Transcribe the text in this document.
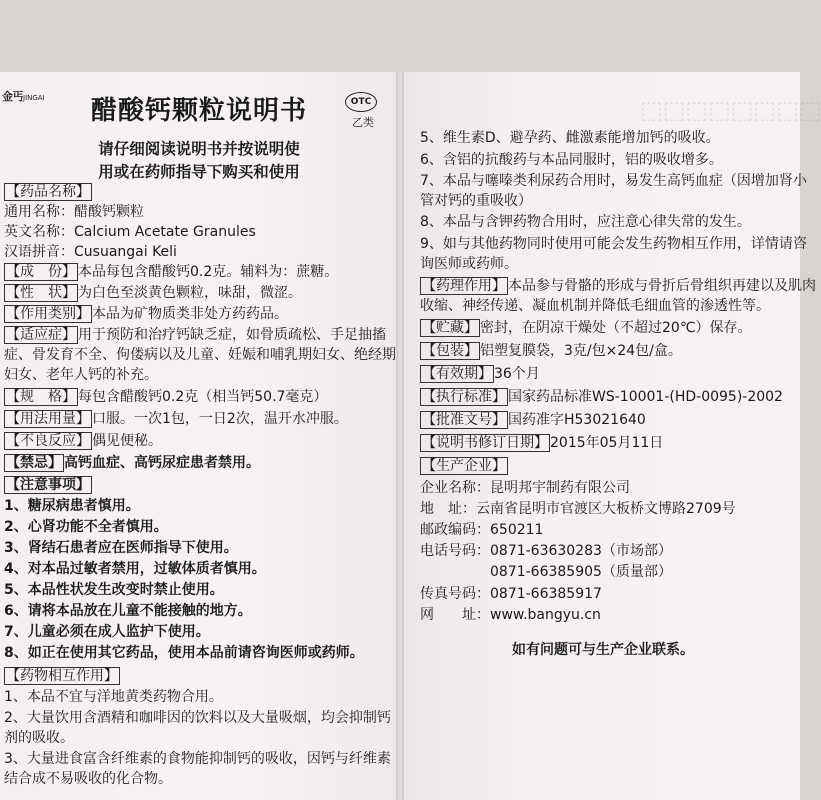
⬚⬚⬚⬚⬚⬚⬚⬚
金丐JINGAI	醋酸钙颗粒说明书	OTC
乙类
请仔细阅读说明书并按说明使
用或在药师指导下购买和使用
【药品名称】
通用名称：醋酸钙颗粒
英文名称：Calcium Acetate Granules
汉语拼音：Cusuangai Keli
【成　份】 本品每包含醋酸钙0.2克。辅料为：蔗糖。
【性　状】 为白色至淡黄色颗粒，味甜，微涩。
【作用类别】 本品为矿物质类非处方药药品。
【适应症】 用于预防和治疗钙缺乏症，如骨质疏松、手足抽搐
症、骨发育不全、佝偻病以及儿童、妊娠和哺乳期妇女、绝经期
妇女、老年人钙的补充。
【规　格】 每包含醋酸钙0.2克（相当钙50.7毫克）
【用法用量】 口服。一次1包，一日2次，温开水冲服。
【不良反应】 偶见便秘。
【禁忌】 高钙血症、高钙尿症患者禁用。
【注意事项】
1、糖尿病患者慎用。
2、心肾功能不全者慎用。
3、肾结石患者应在医师指导下使用。
4、对本品过敏者禁用，过敏体质者慎用。
5、本品性状发生改变时禁止使用。
6、请将本品放在儿童不能接触的地方。
7、儿童必须在成人监护下使用。
8、如正在使用其它药品，使用本品前请咨询医师或药师。
【药物相互作用】
1、本品不宜与洋地黄类药物合用。
2、大量饮用含酒精和咖啡因的饮料以及大量吸烟，均会抑制钙
剂的吸收。
3、大量进食富含纤维素的食物能抑制钙的吸收，因钙与纤维素
结合成不易吸收的化合物。
5、维生素D、避孕药、雌激素能增加钙的吸收。
6、含铝的抗酸药与本品同服时，铝的吸收增多。
7、本品与噻嗪类利尿药合用时，易发生高钙血症（因增加肾小
管对钙的重吸收）
8、本品与含钾药物合用时，应注意心律失常的发生。
9、如与其他药物同时使用可能会发生药物相互作用，详情请咨
询医师或药师。
【药理作用】 本品参与骨骼的形成与骨折后骨组织再建以及肌肉
收缩、神经传递、凝血机制并降低毛细血管的渗透性等。
【贮藏】 密封，在阴凉干燥处（不超过20℃）保存。
【包装】 铝塑复膜袋，3克/包×24包/盒。
【有效期】 36个月
【执行标准】 国家药品标准WS-10001-(HD-0095)-2002
【批准文号】 国药准字H53021640
【说明书修订日期】 2015年05月11日
【生产企业】
企业名称：昆明邦宇制药有限公司
地　址：云南省昆明市官渡区大板桥文博路2709号
邮政编码：650211
电话号码：0871-63630283（市场部）
0871-66385905（质量部）
传真号码：0871-66385917
网　　址：www.bangyu.cn
如有问题可与生产企业联系。
